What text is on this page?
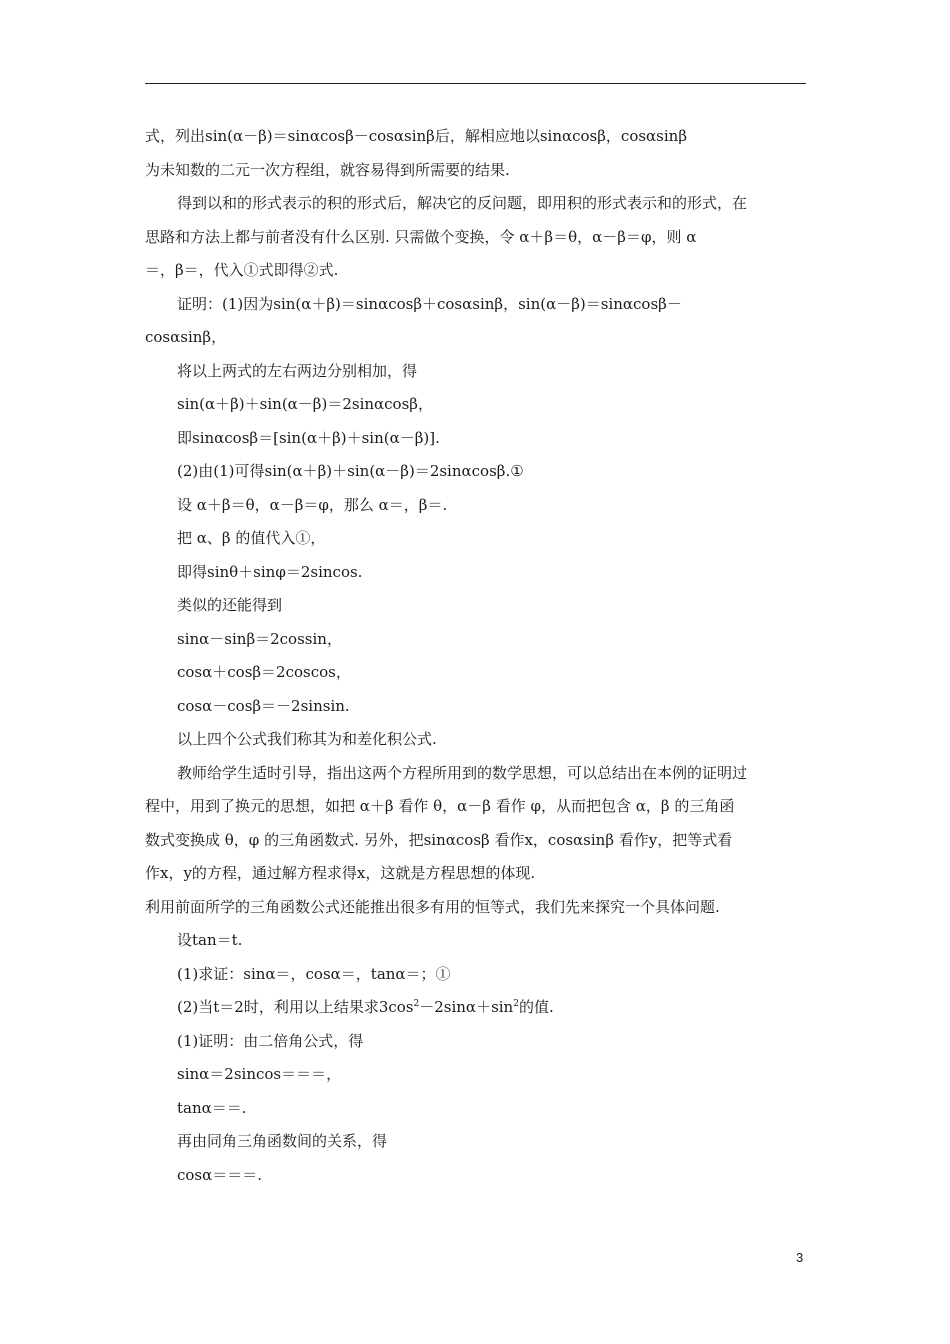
式，列出sin(α－β)＝sinαcosβ－cosαsinβ后，解相应地以sinαcosβ，cosαsinβ
为未知数的二元一次方程组，就容易得到所需要的结果.
得到以和的形式表示的积的形式后，解决它的反问题，即用积的形式表示和的形式，在
思路和方法上都与前者没有什么区别. 只需做个变换，令 α＋β＝θ，α－β＝φ，则 α
＝，β＝，代入①式即得②式.
证明：(1)因为sin(α＋β)＝sinαcosβ＋cosαsinβ，sin(α－β)＝sinαcosβ－
cosαsinβ，
将以上两式的左右两边分别相加，得
sin(α＋β)＋sin(α－β)＝2sinαcosβ，
即sinαcosβ＝[sin(α＋β)＋sin(α－β)].
(2)由(1)可得sin(α＋β)＋sin(α－β)＝2sinαcosβ.①
设 α＋β＝θ，α－β＝φ，那么 α＝，β＝.
把 α、β 的值代入①，
即得sinθ＋sinφ＝2sincos.
类似的还能得到
sinα－sinβ＝2cossin，
cosα＋cosβ＝2coscos，
cosα－cosβ＝－2sinsin.
以上四个公式我们称其为和差化积公式.
教师给学生适时引导，指出这两个方程所用到的数学思想，可以总结出在本例的证明过
程中，用到了换元的思想，如把 α＋β 看作 θ，α－β 看作 φ，从而把包含 α，β 的三角函
数式变换成 θ，φ 的三角函数式. 另外，把sinαcosβ 看作x，cosαsinβ 看作y，把等式看
作x，y的方程，通过解方程求得x，这就是方程思想的体现.
利用前面所学的三角函数公式还能推出很多有用的恒等式，我们先来探究一个具体问题.
设tan＝t.
(1)求证：sinα＝，cosα＝，tanα＝；①
(2)当t＝2时，利用以上结果求$3\cos^2-2\sin\alpha+\sin^2$的值.
(1)证明：由二倍角公式，得
sinα＝2sincos＝＝＝，
tanα＝＝.
再由同角三角函数间的关系，得
cosα＝＝＝.
3
